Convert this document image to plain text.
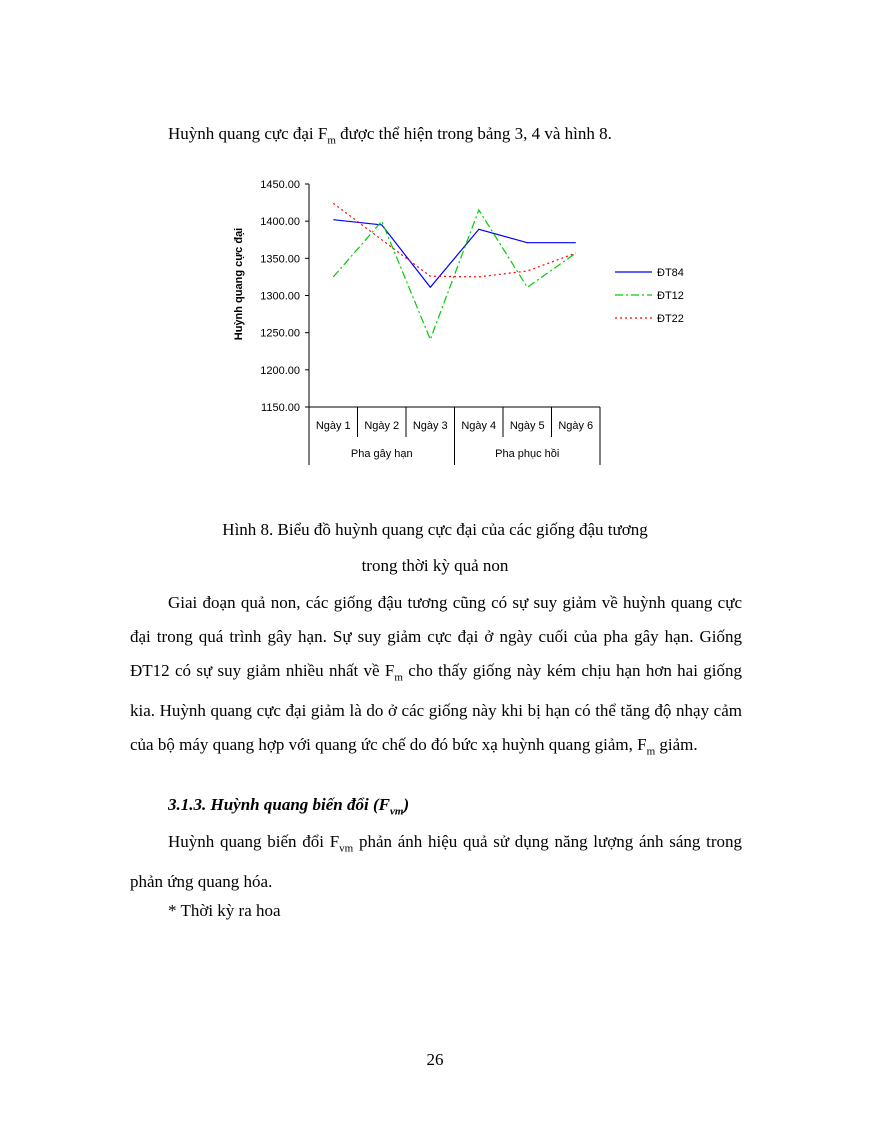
Huỳnh quang cực đại $F_m$ được thể hiện trong bảng 3, 4 và hình 8.
1450.00
1400.00
1350.00
1300.00
1250.00
1200.00
1150.00
Ngày 1 Ngày 2 Ngày 3 Ngày 4 Ngày 5 Ngày 6
Pha gây hạn	Pha phục hồi
ĐT84
ĐT12
ĐT22
Huỳnh quang cực đại
Hình 8. Biểu đồ huỳnh quang cực đại của các giống đậu tương
trong thời kỳ quả non
Giai đoạn quả non, các giống đậu tương cũng có sự suy giảm về huỳnh quang cực đại trong quá trình gây hạn. Sự suy giảm cực đại ở ngày cuối của pha gây hạn. Giống ĐT12 có sự suy giảm nhiều nhất về $F_m$ cho thấy giống này kém chịu hạn hơn hai giống kia. Huỳnh quang cực đại giảm là do ở các giống này khi bị hạn có thể tăng độ nhạy cảm của bộ máy quang hợp với quang ức chế do đó bức xạ huỳnh quang giảm, $F_m$ giảm.
3.1.3. Huỳnh quang biến đổi $(F_{vm})$
Huỳnh quang biến đổi $F_{vm}$ phản ánh hiệu quả sử dụng năng lượng ánh sáng trong phản ứng quang hóa.
* Thời kỳ ra hoa
26
